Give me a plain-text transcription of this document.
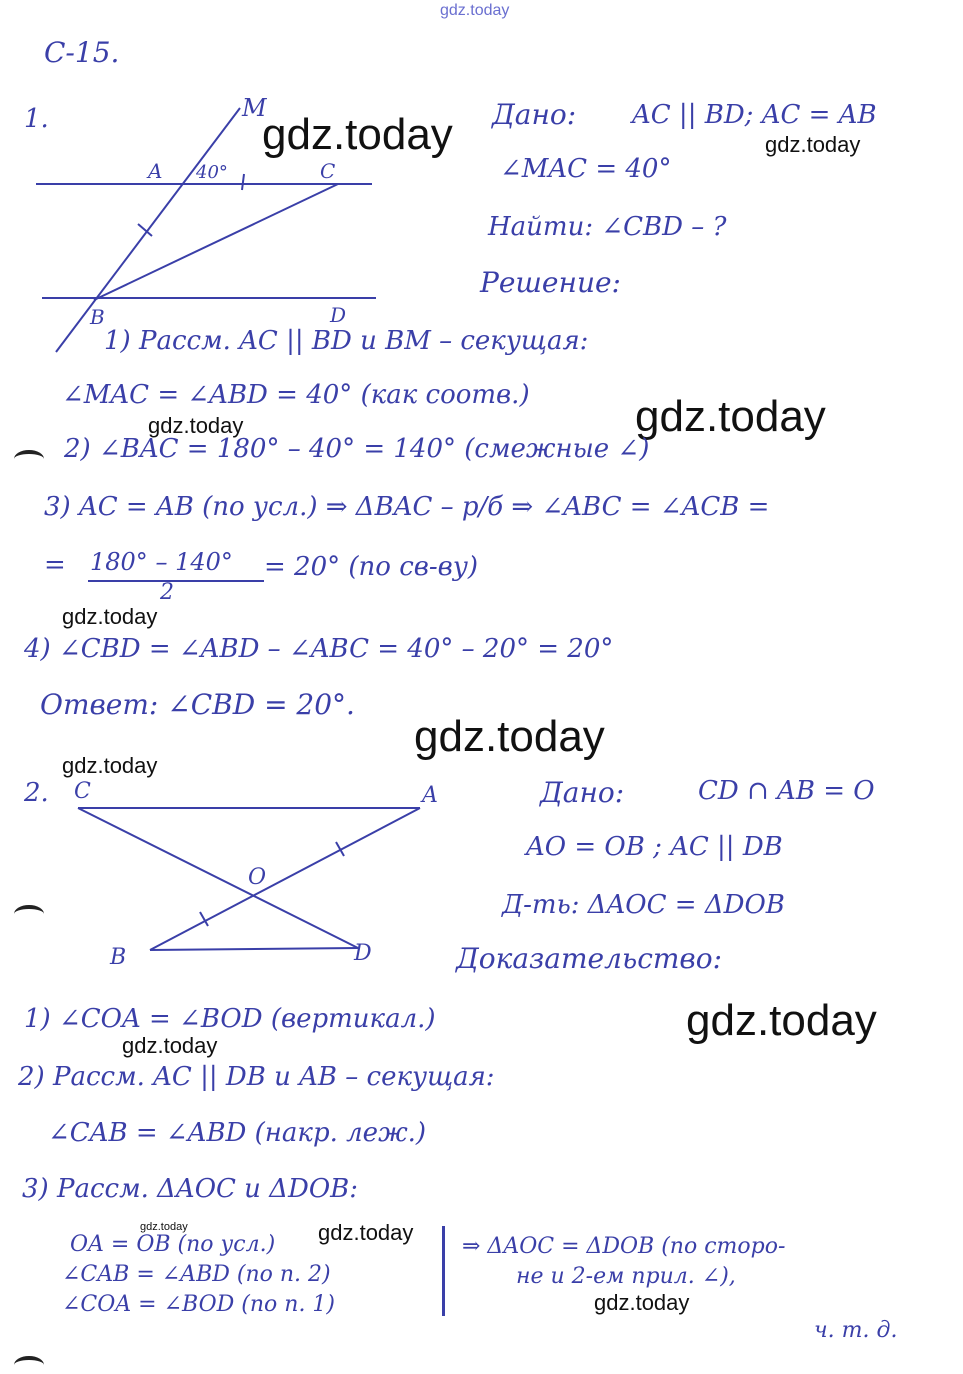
gdz.today
gdz.today	gdz.today
gdz.today
gdz.today
gdz.today
gdz.today
gdz.today
gdz.today
gdz.today
gdz.today	gdz.today
gdz.today
С-15.
1.	M
A 40°	C
B	D
Дано: AC || BD; AC = AB
∠MAC = 40°
Найти: ∠CBD – ?
Решение:
1) Рассм. AC || BD и BM – секущая:
∠MAC = ∠ABD = 40° (как соотв.)
2) ∠BAC = 180° – 40° = 140° (смежные ∠)
3) AC = AB (по усл.) ⇒ ΔBAC – р/б ⇒ ∠ABC = ∠ACB =
= 180° – 140°
2
= 20° (по св-ву)
4) ∠CBD = ∠ABD – ∠ABC = 40° – 20° = 20°
Ответ: ∠CBD = 20°.
2. C	A
O
B	D
Дано:	CD ∩ AB = O
AO = OB ; AC || DB
Д-ть: ΔAOC = ΔDOB
Доказательство:
1) ∠COA = ∠BOD (вертикал.)
2) Рассм. AC || DB и AB – секущая:
∠CAB = ∠ABD (накр. леж.)
3) Рассм. ΔAOC и ΔDOB:
OA = OB (по усл.)
∠CAB = ∠ABD (по п. 2)
∠COA = ∠BOD (по п. 1)
⇒ ΔAOC = ΔDOB (по сторо-
не и 2-ем прил. ∠),
ч. т. д.
